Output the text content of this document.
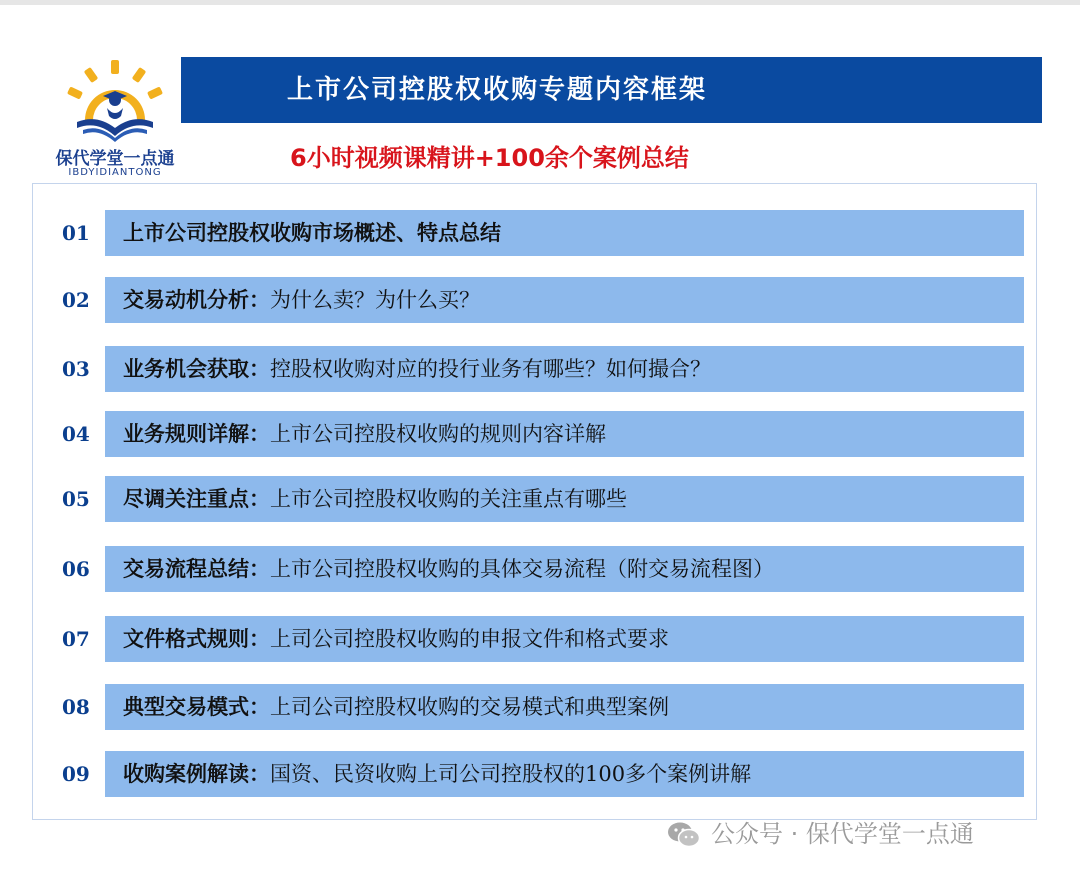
保代学堂一点通
IBDYIDIANTONG
上市公司控股权收购专题内容框架
6小时视频课精讲+100余个案例总结
01 上市公司控股权收购市场概述、特点总结
02 交易动机分析：为什么卖？为什么买？
03 业务机会获取：控股权收购对应的投行业务有哪些？如何撮合？
04 业务规则详解：上市公司控股权收购的规则内容详解
05 尽调关注重点：上市公司控股权收购的关注重点有哪些
06 交易流程总结：上市公司控股权收购的具体交易流程（附交易流程图）
07 文件格式规则：上司公司控股权收购的申报文件和格式要求
08 典型交易模式：上司公司控股权收购的交易模式和典型案例
09 收购案例解读：国资、民资收购上司公司控股权的100多个案例讲解
公众号 · 保代学堂一点通
